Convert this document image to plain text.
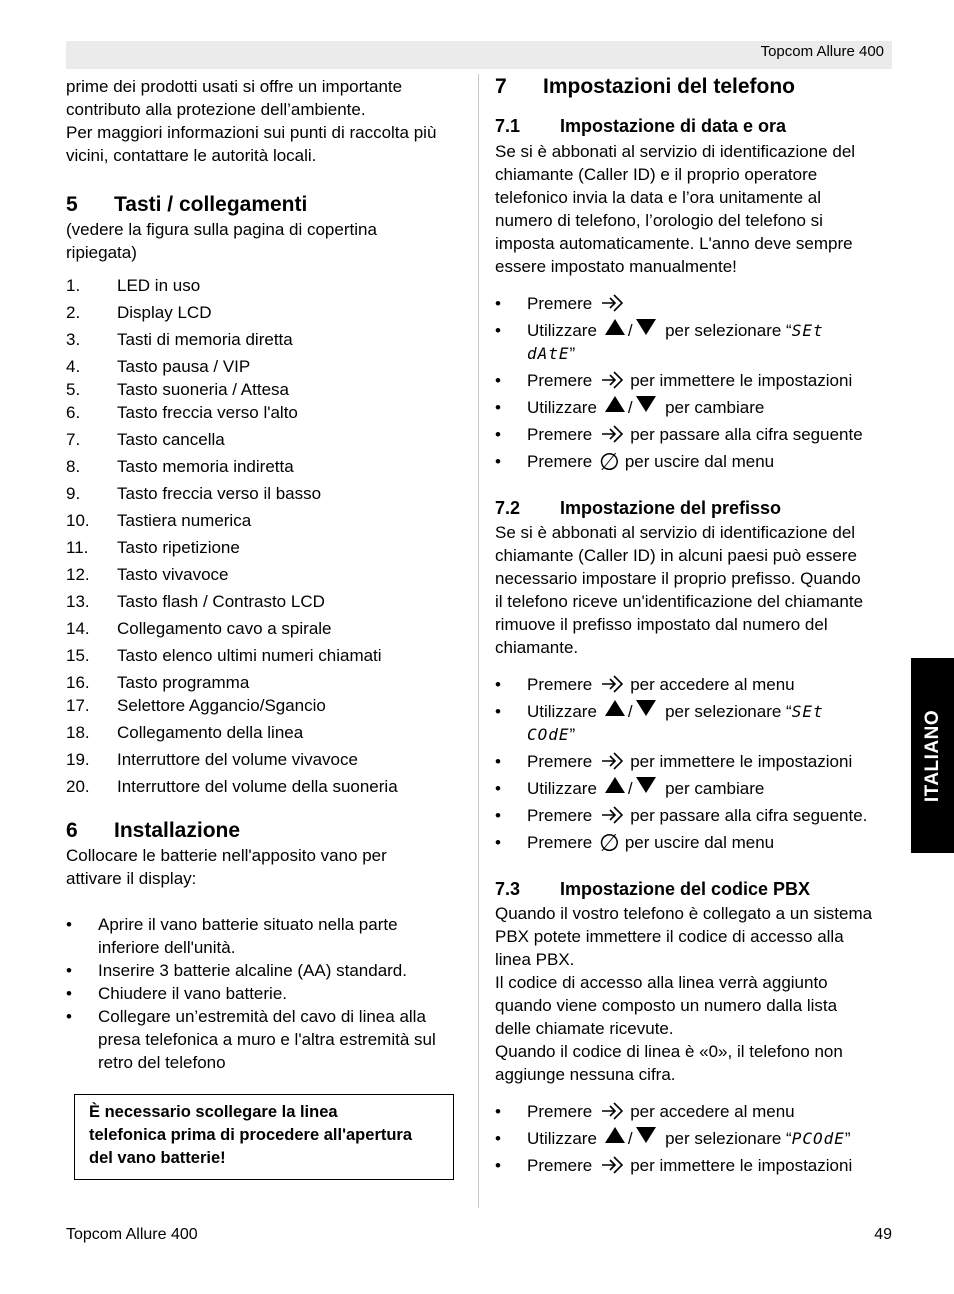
Topcom Allure 400

prime dei prodotti usati si offre un importante

contributo alla protezione dell’ambiente.

Per maggiori informazioni sui punti di raccolta più

vicini, contattare le autorità locali.

5	Tasti / collegamenti

(vedere la figura sulla pagina di copertina

ripiegata)

1.	LED in uso
2.	Display LCD
3.	Tasti di memoria diretta
4.	Tasto pausa / VIP
5.	Tasto suoneria / Attesa
6.	Tasto freccia verso l'alto
7.	Tasto cancella
8.	Tasto memoria indiretta
9.	Tasto freccia verso il basso
10.	Tastiera numerica
11.	Tasto ripetizione
12.	Tasto vivavoce
13.	Tasto flash / Contrasto LCD
14.	Collegamento cavo a spirale
15.	Tasto elenco ultimi numeri chiamati
16.	Tasto programma
17.	Selettore Aggancio/Sgancio
18.	Collegamento della linea
19.	Interruttore del volume vivavoce
20.	Interruttore del volume della suoneria
6	Installazione

Collocare le batterie nell'apposito vano per

attivare il display:

•	Aprire il vano batterie situato nella parte
inferiore dell'unità.
•	Inserire 3 batterie alcaline (AA) standard.
•	Chiudere il vano batterie.
•	Collegare un’estremità del cavo di linea alla
presa telefonica a muro e l'altra estremità sul
retro del telefono
È necessario scollegare la linea
telefonica prima di procedere all'apertura
del vano batterie!
7	Impostazioni del telefono
7.1	Impostazione di data e ora

Se si è abbonati al servizio di identificazione del

chiamante (Caller ID) e il proprio operatore

telefonico invia la data e l’ora unitamente al

numero di telefono, l’orologio del telefono si

imposta automaticamente. L'anno deve sempre

essere impostato manualmente!

•	Premere
•	Utilizzare / per selezionare “SEt
dAtE”
•	Premere per immettere le impostazioni
•	Utilizzare / per cambiare
•	Premere per passare alla cifra seguente
•	Premere ∅ per uscire dal menu
7.2	Impostazione del prefisso

Se si è abbonati al servizio di identificazione del

chiamante (Caller ID) in alcuni paesi può essere

necessario impostare il proprio prefisso. Quando

il telefono riceve un'identificazione del chiamante

rimuove il prefisso impostato dal numero del

chiamante.

•	Premere per accedere al menu
•	Utilizzare / per selezionare “SEt
COdE”
•	Premere per immettere le impostazioni
•	Utilizzare / per cambiare
•	Premere per passare alla cifra seguente.
•	Premere ∅ per uscire dal menu
7.3	Impostazione del codice PBX

Quando il vostro telefono è collegato a un sistema

PBX potete immettere il codice di accesso alla

linea PBX.

Il codice di accesso alla linea verrà aggiunto

quando viene composto un numero dalla lista

delle chiamate ricevute.

Quando il codice di linea è «0», il telefono non

aggiunge nessuna cifra.

•	Premere per accedere al menu
•	Utilizzare / per selezionare “PCOdE”
•	Premere per immettere le impostazioni
ITALIANO
Topcom Allure 400	49
